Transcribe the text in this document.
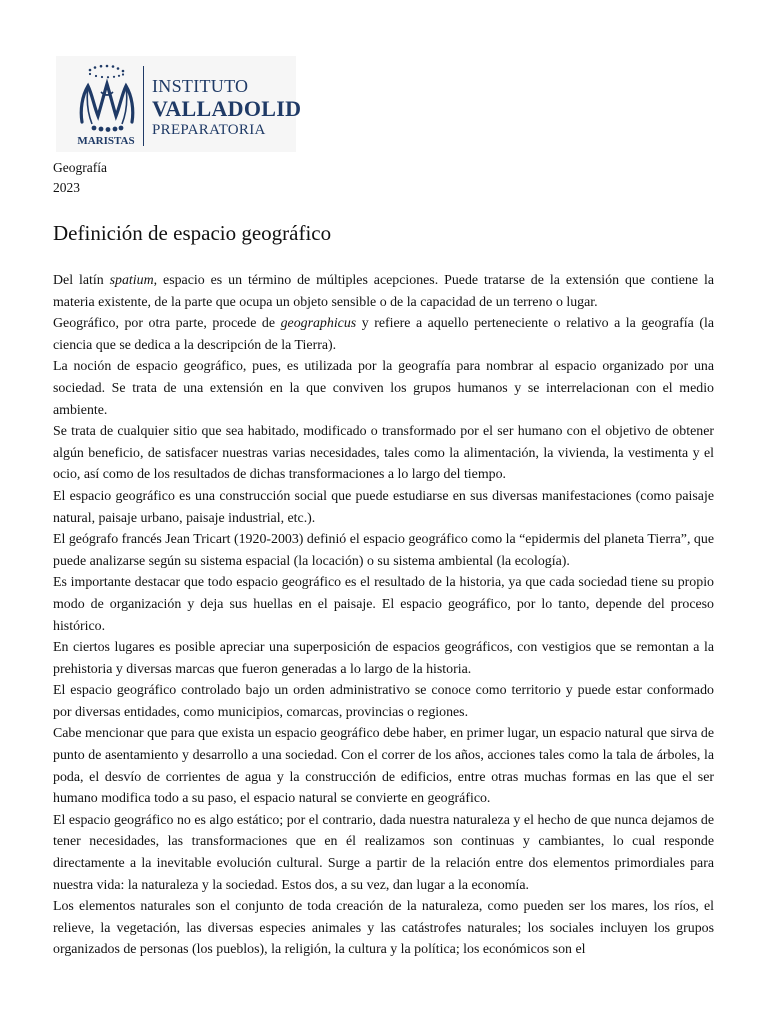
MARISTAS
INSTITUTO
VALLADOLID
PREPARATORIA
Geografía
2023
Definición de espacio geográfico

Del latín spatium, espacio es un término de múltiples acepciones. Puede tratarse de la extensión que contiene la materia existente, de la parte que ocupa un objeto sensible o de la capacidad de un terreno o lugar.

Geográfico, por otra parte, procede de geographicus y refiere a aquello perteneciente o relativo a la geografía (la ciencia que se dedica a la descripción de la Tierra).

La noción de espacio geográfico, pues, es utilizada por la geografía para nombrar al espacio organizado por una sociedad. Se trata de una extensión en la que conviven los grupos humanos y se interrelacionan con el medio ambiente.

Se trata de cualquier sitio que sea habitado, modificado o transformado por el ser humano con el objetivo de obtener algún beneficio, de satisfacer nuestras varias necesidades, tales como la alimentación, la vivienda, la vestimenta y el ocio, así como de los resultados de dichas transformaciones a lo largo del tiempo.

El espacio geográfico es una construcción social que puede estudiarse en sus diversas manifestaciones (como paisaje natural, paisaje urbano, paisaje industrial, etc.).

El geógrafo francés Jean Tricart (1920-2003) definió el espacio geográfico como la “epidermis del planeta Tierra”, que puede analizarse según su sistema espacial (la locación) o su sistema ambiental (la ecología).

Es importante destacar que todo espacio geográfico es el resultado de la historia, ya que cada sociedad tiene su propio modo de organización y deja sus huellas en el paisaje. El espacio geográfico, por lo tanto, depende del proceso histórico.

En ciertos lugares es posible apreciar una superposición de espacios geográficos, con vestigios que se remontan a la prehistoria y diversas marcas que fueron generadas a lo largo de la historia.

El espacio geográfico controlado bajo un orden administrativo se conoce como territorio y puede estar conformado por diversas entidades, como municipios, comarcas, provincias o regiones.

Cabe mencionar que para que exista un espacio geográfico debe haber, en primer lugar, un espacio natural que sirva de punto de asentamiento y desarrollo a una sociedad. Con el correr de los años, acciones tales como la tala de árboles, la poda, el desvío de corrientes de agua y la construcción de edificios, entre otras muchas formas en las que el ser humano modifica todo a su paso, el espacio natural se convierte en geográfico.

El espacio geográfico no es algo estático; por el contrario, dada nuestra naturaleza y el hecho de que nunca dejamos de tener necesidades, las transformaciones que en él realizamos son continuas y cambiantes, lo cual responde directamente a la inevitable evolución cultural. Surge a partir de la relación entre dos elementos primordiales para nuestra vida: la naturaleza y la sociedad. Estos dos, a su vez, dan lugar a la economía.

Los elementos naturales son el conjunto de toda creación de la naturaleza, como pueden ser los mares, los ríos, el relieve, la vegetación, las diversas especies animales y las catástrofes naturales; los sociales incluyen los grupos organizados de personas (los pueblos), la religión, la cultura y la política; los económicos son el
